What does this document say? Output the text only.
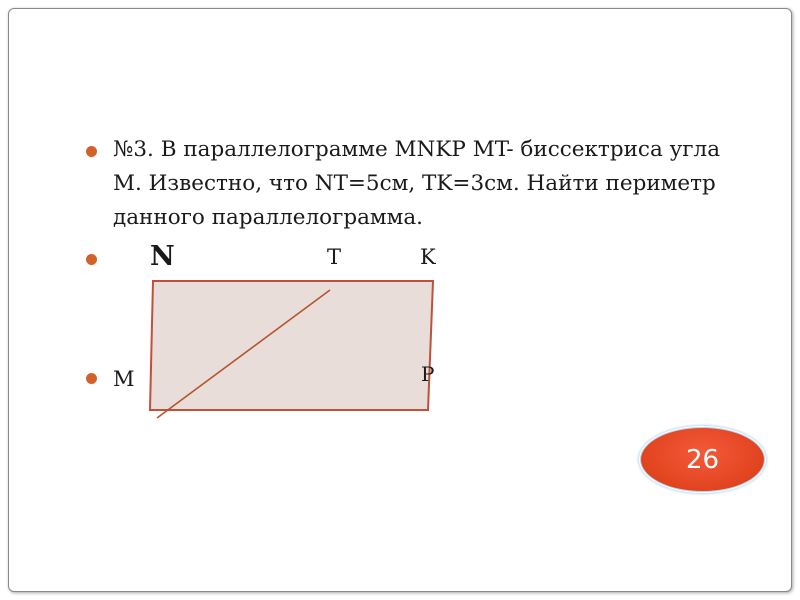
№3. В параллелограмме MNKP MT- биссектриса угла M. Известно, что NT=5см, TK=3см. Найти периметр данного параллелограмма.

N	T	K
M	P
26
